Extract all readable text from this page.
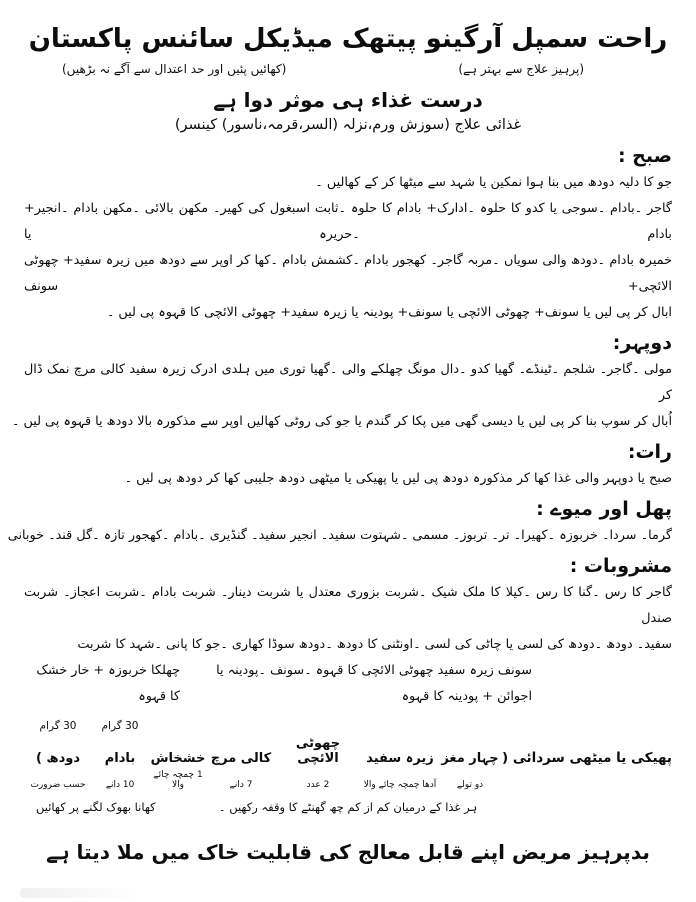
راحت سمپل آرگینو پیتھک میڈیکل سائنس پاکستان
(پرہیز علاج سے بہتر ہے)
(کھائیں پئیں اور حد اعتدال سے آگے نہ بڑھیں)
درست غذاء ہی موثر دوا ہے
غذائی علاج (سوزش ورم،نزلہ (السر،قرمہ،ناسور) کینسر)
صبح :
جو کا دلیہ دودھ میں بنا ہوا نمکین یا شہد سے میٹھا کر کے کھالیں ۔
گاجر ۔بادام ۔سوجی یا کدو کا حلوہ ۔ادارک+ بادام کا حلوہ ۔ثابت اسبغول کی کھیر۔ مکھن بالائی ۔مکھن بادام ۔انجیر+ بادام ۔حریرہ یا
خمیرہ بادام ۔دودھ والی سویاں ۔مربہ گاجر۔ کھجور بادام ۔کشمش بادام ۔کھا کر اوپر سے دودھ میں زیرہ سفید+ چھوٹی الائچی+ سونف
ابال کر پی لیں یا سونف+ چھوٹی الائچی یا سونف+ پودینہ یا زیرہ سفید+ چھوٹی الائچی کا قہوہ پی لیں ۔
دوپہر:
مولی ۔گاجر۔ شلجم ۔ٹینڈے۔ گھیا کدو ۔دال مونگ چھلکے والی ۔گھیا توری میں ہلدی ادرک زیرہ سفید کالی مرچ نمک ڈال کر
اُبال کر سوپ بنا کر پی لیں یا دیسی گھی میں پکا کر گندم یا جو کی روٹی کھالیں اوپر سے مذکورہ بالا دودھ یا قہوہ پی لیں ۔
رات:
صبح یا دوپہر والی غذا کھا کر مذکورہ دودھ پی لیں یا پھیکی یا میٹھی دودھ جلیبی کھا کر دودھ پی لیں ۔
پھل اور میوے :
گرما۔ سردا۔ خربوزہ ۔کھیرا۔ تر۔ تربوز۔ مسمی ۔شہتوت سفید۔ انجیر سفید۔ گنڈیری ۔بادام ۔کھجور تازہ ۔گل قند۔ خوبانی
مشروبات :
گاجر کا رس ۔گنا کا رس ۔کیلا کا ملک شیک ۔شربت بزوری معتدل یا شربت دینار۔ شربت بادام ۔شربت اعجاز۔ شربت صندل
سفید۔ دودھ ۔دودھ کی لسی یا چاٹی کی لسی ۔اونٹنی کا دودھ ۔دودھ سوڈا کھاری ۔جو کا پانی ۔شہد کا شربت
سونف زیرہ سفید چھوٹی الائچی کا قہوہ ۔سونف ۔پودینہ یا اجوائن + پودینہ کا قہوہ
چھلکا خربوزہ + خار خشک کا قہوہ
30 گرام
30 گرام
پھیکی یا میٹھی سردائی (
چہار مغز
زیرہ سفید
چھوٹی الائچی
کالی مرچ
خشخاش
بادام
دودھ )
دو تولے
آدھا چمچہ چائے والا
2 عدد
7 دانے
1 چمچہ چائے والا
10 دانے
حسب ضرورت
ہر غذا کے درمیان کم از کم چھ گھنٹے کا وقفہ رکھیں ۔
کھانا بھوک لگنے پر کھائیں
بدپرہیز مریض اپنے قابل معالج کی قابلیت خاک میں ملا دیتا ہے
